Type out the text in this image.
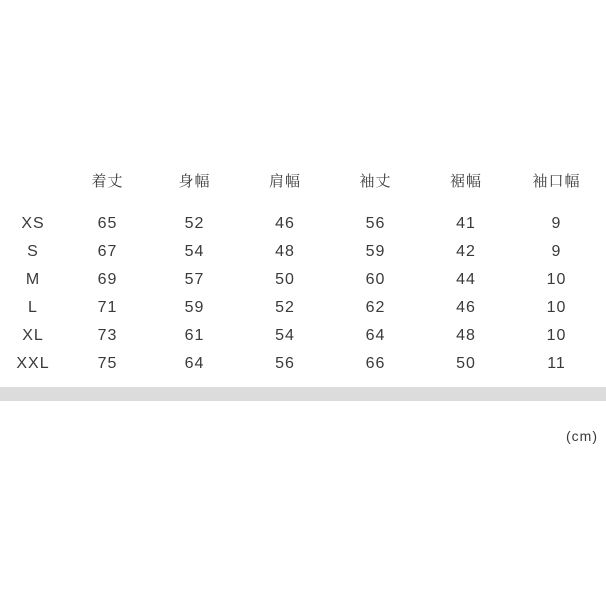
	着丈	身幅	肩幅	袖丈	裾幅	袖口幅

XS	65	52	46	56	41	9
S	67	54	48	59	42	9
M	69	57	50	60	44	10
L	71	59	52	62	46	10
XL	73	61	54	64	48	10
XXL	75	64	56	66	50	11
(cm)
